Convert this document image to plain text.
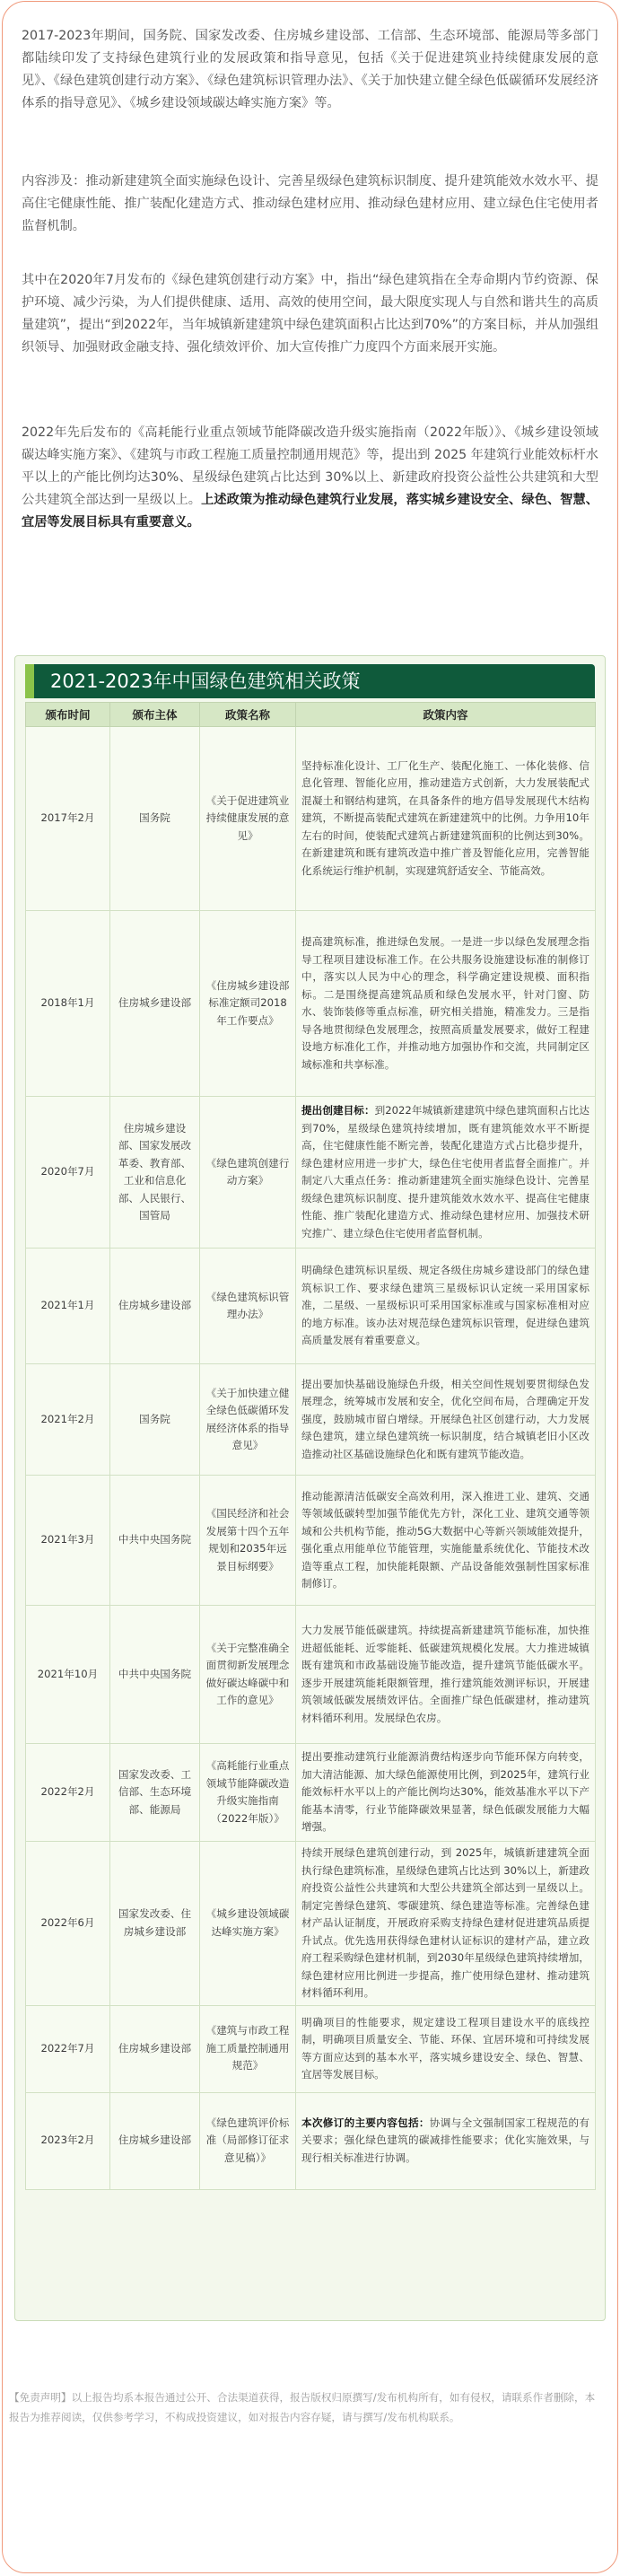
2017-2023年期间，国务院、国家发改委、住房城乡建设部、工信部、生态环境部、能源局等多部门都陆续印发了支持绿色建筑行业的发展政策和指导意见，包括《关于促进建筑业持续健康发展的意见》、《绿色建筑创建行动方案》、《绿色建筑标识管理办法》、《关于加快建立健全绿色低碳循环发展经济体系的指导意见》、《城乡建设领域碳达峰实施方案》等。

内容涉及：推动新建建筑全面实施绿色设计、完善星级绿色建筑标识制度、提升建筑能效水效水平、提高住宅健康性能、推广装配化建造方式、推动绿色建材应用、推动绿色建材应用、建立绿色住宅使用者监督机制。

其中在2020年7月发布的《绿色建筑创建行动方案》中，指出“绿色建筑指在全寿命期内节约资源、保护环境、减少污染，为人们提供健康、适用、高效的使用空间，最大限度实现人与自然和谐共生的高质量建筑”，提出“到2022年，当年城镇新建建筑中绿色建筑面积占比达到70%”的方案目标，并从加强组织领导、加强财政金融支持、强化绩效评价、加大宣传推广力度四个方面来展开实施。

2022年先后发布的《高耗能行业重点领域节能降碳改造升级实施指南（2022年版）》、《城乡建设领域碳达峰实施方案》、《建筑与市政工程施工质量控制通用规范》等，提出到 2025 年建筑行业能效标杆水平以上的产能比例均达30%、星级绿色建筑占比达到 30%以上、新建政府投资公益性公共建筑和大型公共建筑全部达到一星级以上。上述政策为推动绿色建筑行业发展，落实城乡建设安全、绿色、智慧、宜居等发展目标具有重要意义。

2021-2023年中国绿色建筑相关政策
颁布时间	颁布主体	政策名称	政策内容
2017年2月	国务院	《关于促进建筑业持续健康发展的意见》	坚持标准化设计、工厂化生产、装配化施工、一体化装修、信息化管理、智能化应用，推动建造方式创新，大力发展装配式混凝土和钢结构建筑，在具备条件的地方倡导发展现代木结构建筑，不断提高装配式建筑在新建建筑中的比例。力争用10年左右的时间，使装配式建筑占新建建筑面积的比例达到30%。在新建建筑和既有建筑改造中推广普及智能化应用，完善智能化系统运行维护机制，实现建筑舒适安全、节能高效。
2018年1月	住房城乡建设部	《住房城乡建设部标准定额司2018年工作要点》	提高建筑标准，推进绿色发展。一是进一步以绿色发展理念指导工程项目建设标准工作。在公共服务设施建设标准的制修订中，落实以人民为中心的理念，科学确定建设规模、面积指标。二是围绕提高建筑品质和绿色发展水平，针对门窗、防水、装饰装修等重点标准，研究相关措施，精准发力。三是指导各地贯彻绿色发展理念，按照高质量发展要求，做好工程建设地方标准化工作，并推动地方加强协作和交流，共同制定区域标准和共享标准。
2020年7月	住房城乡建设部、国家发展改革委、教育部、工业和信息化部、人民银行、国管局	《绿色建筑创建行动方案》	提出创建目标：到2022年城镇新建建筑中绿色建筑面积占比达到70%，星级绿色建筑持续增加，既有建筑能效水平不断提高，住宅健康性能不断完善，装配化建造方式占比稳步提升，绿色建材应用进一步扩大，绿色住宅使用者监督全面推广。并制定八大重点任务：推动新建建筑全面实施绿色设计、完善星级绿色建筑标识制度、提升建筑能效水效水平、提高住宅健康性能、推广装配化建造方式、推动绿色建材应用、加强技术研究推广、建立绿色住宅使用者监督机制。
2021年1月	住房城乡建设部	《绿色建筑标识管理办法》	明确绿色建筑标识星级、规定各级住房城乡建设部门的绿色建筑标识工作、要求绿色建筑三星级标识认定统一采用国家标准，二星级、一星级标识可采用国家标准或与国家标准相对应的地方标准。该办法对规范绿色建筑标识管理，促进绿色建筑高质量发展有着重要意义。
2021年2月	国务院	《关于加快建立健全绿色低碳循环发展经济体系的指导意见》	提出要加快基础设施绿色升级，相关空间性规划要贯彻绿色发展理念，统筹城市发展和安全，优化空间布局，合理确定开发强度，鼓励城市留白增绿。开展绿色社区创建行动，大力发展绿色建筑，建立绿色建筑统一标识制度，结合城镇老旧小区改造推动社区基础设施绿色化和既有建筑节能改造。
2021年3月	中共中央国务院	《国民经济和社会发展第十四个五年规划和2035年远景目标纲要》	推动能源清洁低碳安全高效利用，深入推进工业、建筑、交通等领域低碳转型加强节能优先方针，深化工业、建筑交通等领域和公共机构节能，推动5G大数据中心等新兴领域能效提升，强化重点用能单位节能管理，实施能量系统优化、节能技术改造等重点工程，加快能耗限额、产品设备能效强制性国家标准制修订。
2021年10月	中共中央国务院	《关于完整准确全面贯彻新发展理念做好碳达峰碳中和工作的意见》	大力发展节能低碳建筑。持续提高新建建筑节能标准，加快推进超低能耗、近零能耗、低碳建筑规模化发展。大力推进城镇既有建筑和市政基础设施节能改造，提升建筑节能低碳水平。逐步开展建筑能耗限额管理，推行建筑能效测评标识，开展建筑领域低碳发展绩效评估。全面推广绿色低碳建材，推动建筑材料循环利用。发展绿色农房。
2022年2月	国家发改委、工信部、生态环境部、能源局	《高耗能行业重点领域节能降碳改造升级实施指南（2022年版）》	提出要推动建筑行业能源消费结构逐步向节能环保方向转变，加大清洁能源、加大绿色能源使用比例，到2025年，建筑行业能效标杆水平以上的产能比例均达30%，能效基准水平以下产能基本清零，行业节能降碳效果显著，绿色低碳发展能力大幅增强。
2022年6月	国家发改委、住房城乡建设部	《城乡建设领域碳达峰实施方案》	持续开展绿色建筑创建行动，到 2025年，城镇新建建筑全面执行绿色建筑标准，星级绿色建筑占比达到 30%以上，新建政府投资公益性公共建筑和大型公共建筑全部达到一星级以上。制定完善绿色建筑、零碳建筑、绿色建造等标准。完善绿色建材产品认证制度，开展政府采购支持绿色建材促进建筑品质提升试点。优先选用获得绿色建材认证标识的建材产品，建立政府工程采购绿色建材机制，到2030年星级绿色建筑持续增加，绿色建材应用比例进一步提高，推广使用绿色建材、推动建筑材料循环利用。
2022年7月	住房城乡建设部	《建筑与市政工程施工质量控制通用规范》	明确项目的性能要求，规定建设工程项目建设水平的底线控制，明确项目质量安全、节能、环保、宜居环境和可持续发展等方面应达到的基本水平，落实城乡建设安全、绿色、智慧、宜居等发展目标。
2023年2月	住房城乡建设部	《绿色建筑评价标准（局部修订征求意见稿）》	本次修订的主要内容包括：协调与全文强制国家工程规范的有关要求；强化绿色建筑的碳减排性能要求；优化实施效果，与现行相关标准进行协调。

【免责声明】以上报告均系本报告通过公开、合法渠道获得，报告版权归原撰写/发布机构所有，如有侵权，请联系作者删除，本报告为推荐阅读，仅供参考学习，不构成投资建议，如对报告内容存疑，请与撰写/发布机构联系。
